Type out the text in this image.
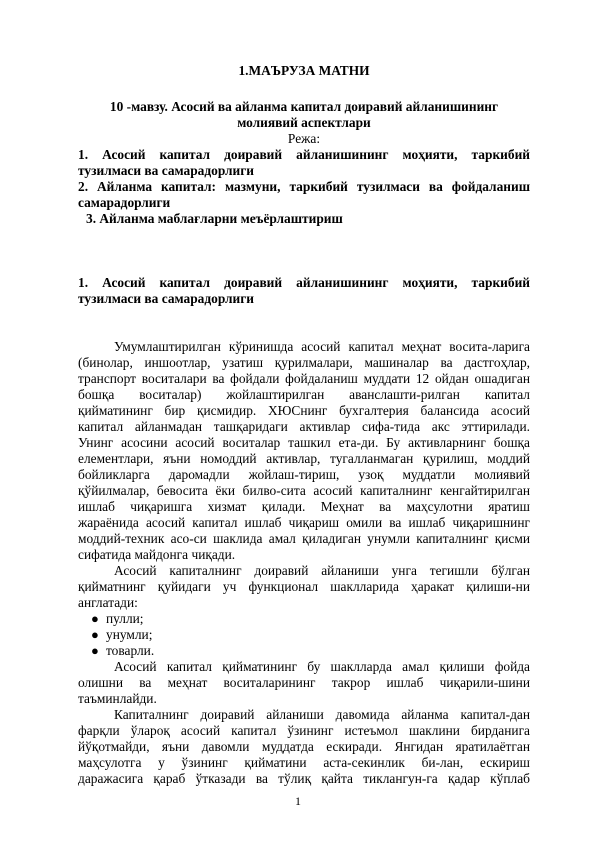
1.МАЪРУЗА МАТНИ
10 -мавзу. Асосий ва айланма капитал доиравий айланишининг
молиявий аспектлари
Режа:
1. Асосий капитал доиравий айланишининг моҳияти, таркибий
тузилмаси ва самарадорлиги
2. Айланма капитал: мазмуни, таркибий тузилмаси ва фойдаланиш
самарадорлиги
3. Айланма маблағларни меъёрлаштириш
1. Асосий капитал доиравий айланишининг моҳияти, таркибий
тузилмаси ва самарадорлиги
Умумлаштирилган кўринишда асосий капитал меҳнат восита-ларига
(бинолар, иншоотлар, узатиш қурилмалари, машиналар ва дастгоҳлар,
транспорт воситалари ва фойдали фойдаланиш муддати 12 ойдан ошадиган
бошқа воситалар) жойлаштирилган аванслашти-рилган капитал
қийматининг бир қисмидир. ХЮСнинг бухгалтерия балансида асосий
капитал айланмадан ташқаридаги активлар сифа-тида акс эттирилади.
Унинг асосини асосий воситалар ташкил ета-ди. Бу активларнинг бошқа
елементлари, яъни номоддий активлар, тугалланмаган қурилиш, моддий
бойликларга даромадли жойлаш-тириш, узоқ муддатли молиявий
қўйилмалар, бевосита ёки билво-сита асосий капиталнинг кенгайтирилган
ишлаб чиқаришга хизмат қилади. Меҳнат ва маҳсулотни яратиш
жараёнида асосий капитал ишлаб чиқариш омили ва ишлаб чиқаришнинг
моддий-техник асо-си шаклида амал қиладиган унумли капиталнинг қисми
сифатида майдонга чиқади.
Асосий капиталнинг доиравий айланиши унга тегишли бўлган
қийматнинг қуйидаги уч функционал шаклларида ҳаракат қилиши-ни
англатади:
● пулли;
● унумли;
● товарли.
Асосий капитал қийматининг бу шаклларда амал қилиши фойда
олишни ва меҳнат воситаларининг такрор ишлаб чиқарили-шини
таъминлайди.
Капиталнинг доиравий айланиши давомида айланма капитал-дан
фарқли ўлароқ асосий капитал ўзининг истеъмол шаклини бирданига
йўқотмайди, яъни давомли муддатда ескиради. Янгидан яратилаётган
маҳсулотга у ўзининг қийматини аста-секинлик би-лан, ескириш
даражасига қараб ўтказади ва тўлиқ қайта тиклангун-га қадар кўплаб
1
